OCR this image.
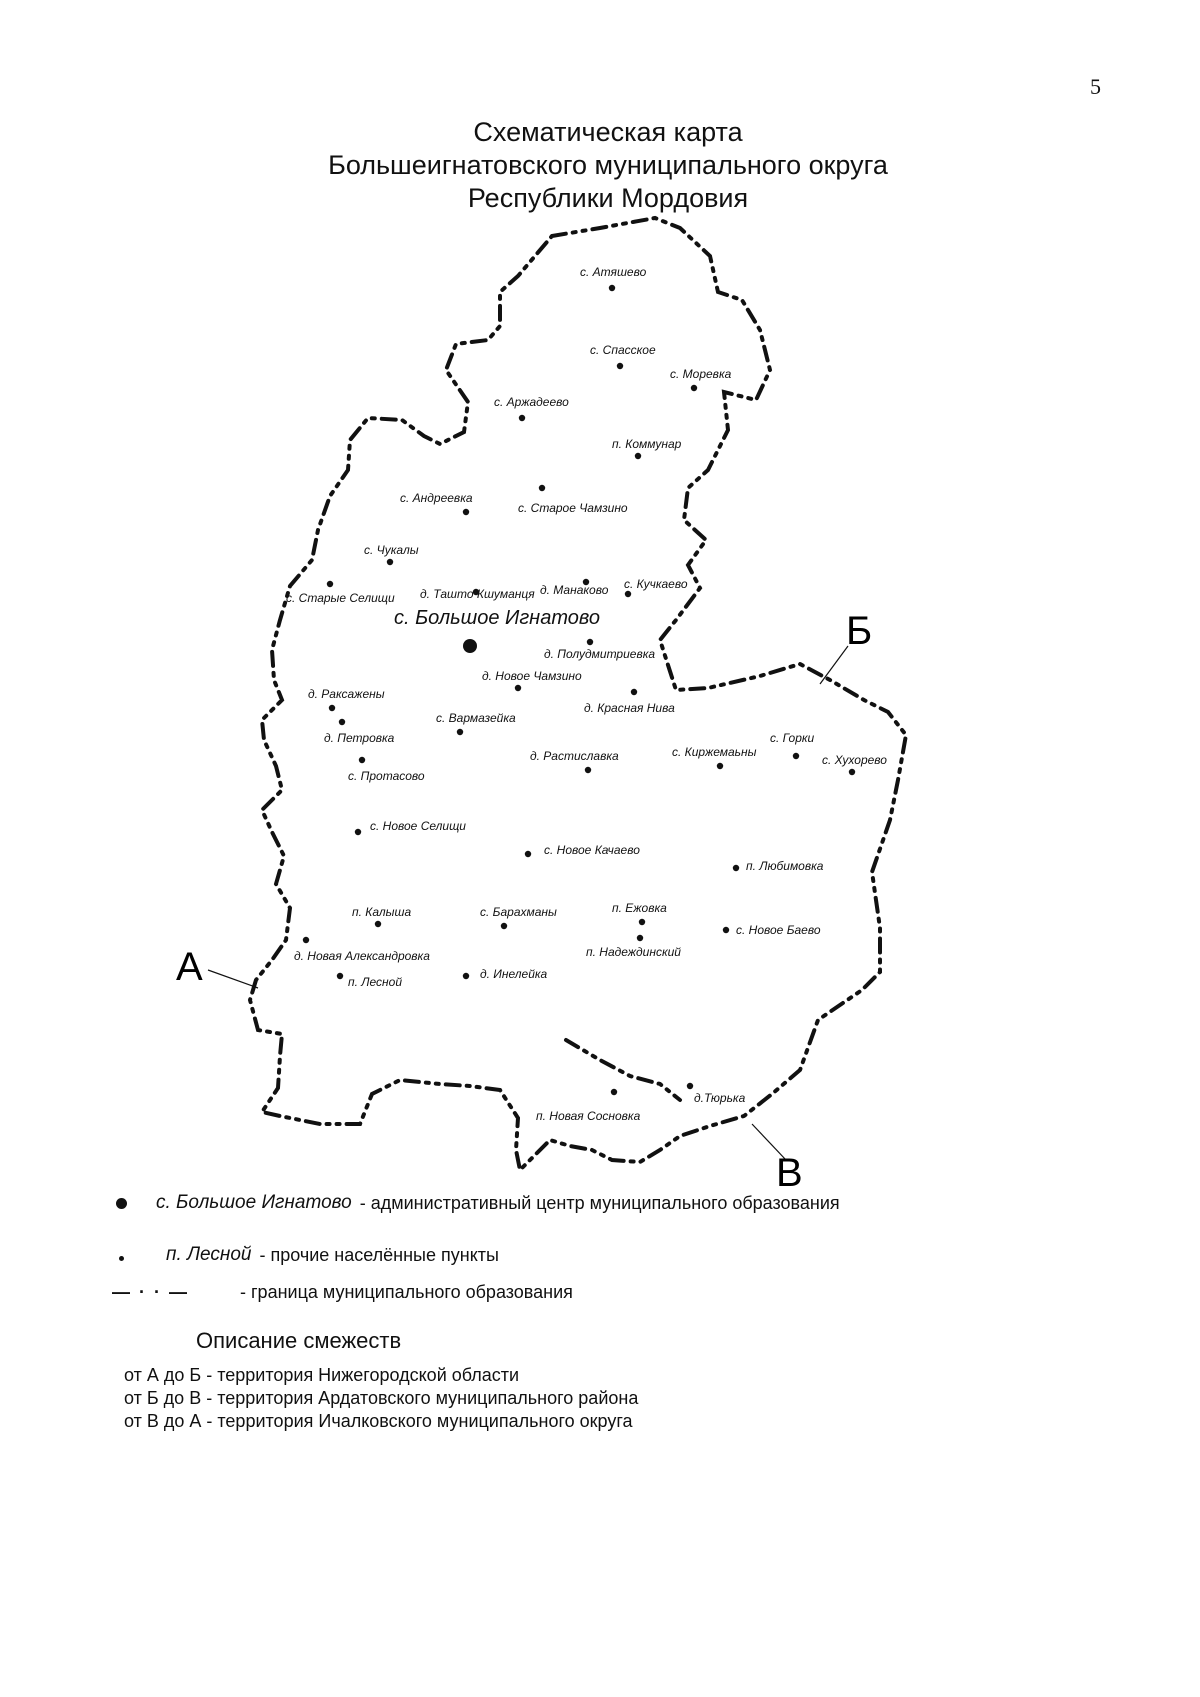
5
Схематическая карта
Большеигнатовского муниципального округа
Республики Мордовия
А
Б
В
с. Атяшево
с. Спасское
с. Моревка
с. Аржадеево
п. Коммунар
с. Андреевка
с. Старое Чамзино
с. Чукалы
с. Старые Селищи д. Ташто Кшуманця д. Манаково с. Кучкаево
д. Полудмитриевка
д. Новое Чамзино
д. Раксажены
с. Вармазейка
д. Красная Нива
д. Петровка	с. Горки
д. Растиславка	с. Киржемаьны
с. Хухорево
с. Протасово
с. Новое Селищи
с. Новое Качаево
п. Любимовка
п. Калыша	с. Барахманы	п. Ежовка
с. Новое Баево
д. Новая Александровка	п. Надеждинский
п. Лесной
д. Инелейка
д.Тюрька
п. Новая Сосновка
с. Большое Игнатово
с. Большое Игнатово - административный центр муниципального образования
п. Лесной - прочие населённые пункты
— · · —	- граница муниципального образования
Описание смежеств
от А до Б - территория Нижегородской области
от Б до В - территория Ардатовского муниципального района
от В до А - территория Ичалковского муниципального округа
